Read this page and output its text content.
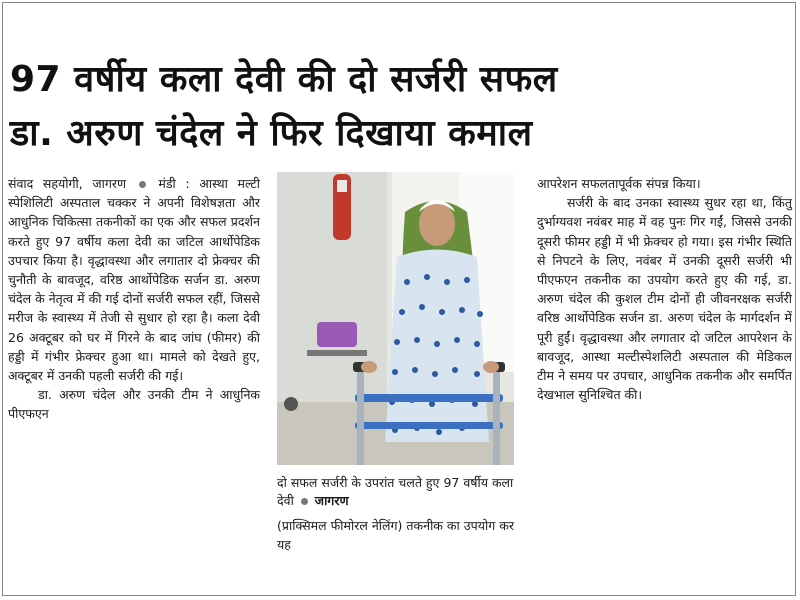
97 वर्षीय कला देवी की दो सर्जरी सफल
डा. अरुण चंदेल ने फिर दिखाया कमाल

संवाद सहयोगी, जागरण	मंडी : आस्था मल्टी स्पेशिलिटी अस्पताल चक्कर ने अपनी विशेषज्ञता और आधुनिक चिकित्सा तकनीकों का एक और सफल प्रदर्शन करते हुए 97 वर्षीय कला देवी का जटिल आर्थोपेडिक उपचार किया है। वृद्धावस्था और लगातार दो फ्रेक्चर की चुनौती के बावजूद, वरिष्ठ आर्थोपेडिक सर्जन डा. अरुण चंदेल के नेतृत्व में की गई दोनों सर्जरी सफल रहीं, जिससे मरीज के स्वास्थ्य में तेजी से सुधार हो रहा है। कला देवी 26 अक्टूबर को घर में गिरने के बाद जांघ (फीमर) की हड्डी में गंभीर फ्रेक्चर हुआ था। मामले को देखते हुए, अक्टूबर में उनकी पहली सर्जरी की गई।

डा. अरुण चंदेल और उनकी टीम ने आधुनिक पीएफएन

दो सफल सर्जरी के उपरांत चलते हुए 97 वर्षीय कला देवी जागरण
(प्राक्सिमल फीमोरल नेलिंग) तकनीक का उपयोग कर यह

आपरेशन सफलतापूर्वक संपन्न किया।

सर्जरी के बाद उनका स्वास्थ्य सुधर रहा था, किंतु दुर्भाग्यवश नवंबर माह में वह पुनः गिर गईं, जिससे उनकी दूसरी फीमर हड्डी में भी फ्रेक्चर हो गया। इस गंभीर स्थिति से निपटने के लिए, नवंबर में उनकी दूसरी सर्जरी भी पीएफएन तकनीक का उपयोग करते हुए की गई, डा. अरुण चंदेल की कुशल टीम दोनों ही जीवनरक्षक सर्जरी वरिष्ठ आर्थोपेडिक सर्जन डा. अरुण चंदेल के मार्गदर्शन में पूरी हुईं। वृद्धावस्था और लगातार दो जटिल आपरेशन के बावजूद, आस्था मल्टीस्पेशलिटी अस्पताल की मेडिकल टीम ने समय पर उपचार, आधुनिक तकनीक और समर्पित देखभाल सुनिश्चित की।
